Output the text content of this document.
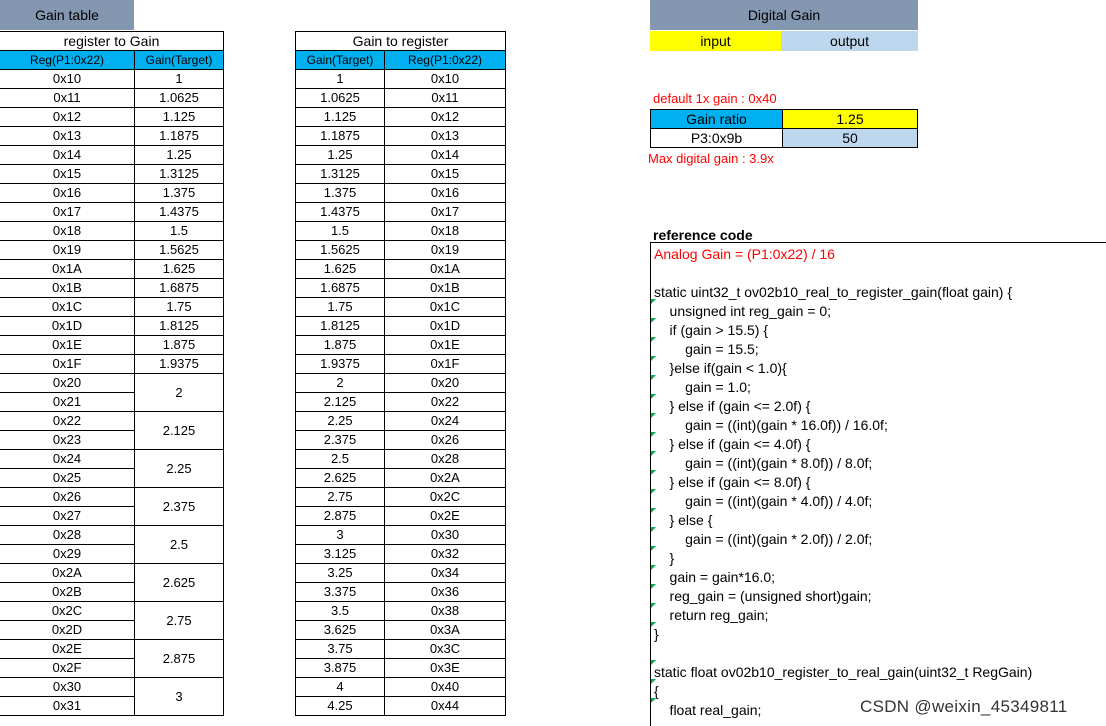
Gain table	Digital Gain
input	output
register to Gain	
Reg(P1:0x22)	Gain(Target)
0x10	1
0x11	1.0625
0x12	1.125
0x13	1.1875
0x14	1.25
0x15	1.3125
0x16	1.375
0x17	1.4375
0x18	1.5
0x19	1.5625
0x1A	1.625
0x1B	1.6875
0x1C	1.75
0x1D	1.8125
0x1E	1.875
0x1F	1.9375
0x20	2
0x21	
0x22	2.125
0x23	
0x24	2.25
0x25	
0x26	2.375
0x27	
0x28	2.5
0x29	
0x2A	2.625
0x2B	
0x2C	2.75
0x2D	
0x2E	2.875
0x2F	
0x30	3
0x31	
Gain to register	
Gain(Target)	Reg(P1:0x22)
1	0x10
1.0625	0x11
1.125	0x12
1.1875	0x13
1.25	0x14
1.3125	0x15
1.375	0x16
1.4375	0x17
1.5	0x18
1.5625	0x19
1.625	0x1A
1.6875	0x1B
1.75	0x1C
1.8125	0x1D
1.875	0x1E
1.9375	0x1F
2	0x20
2.125	0x22
2.25	0x24
2.375	0x26
2.5	0x28
2.625	0x2A
2.75	0x2C
2.875	0x2E
3	0x30
3.125	0x32
3.25	0x34
3.375	0x36
3.5	0x38
3.625	0x3A
3.75	0x3C
3.875	0x3E
4	0x40
4.25	0x44
default 1x gain : 0x40
Gain ratio	1.25
P3:0x9b	50
Max digital gain : 3.9x
reference code
Analog Gain = (P1:0x22) / 16
static uint32_t ov02b10_real_to_register_gain(float gain) {
unsigned int reg_gain = 0;
if (gain > 15.5) {
gain = 15.5;
}else if(gain < 1.0){
gain = 1.0;
} else if (gain <= 2.0f) {
gain = ((int)(gain * 16.0f)) / 16.0f;
} else if (gain <= 4.0f) {
gain = ((int)(gain * 8.0f)) / 8.0f;
} else if (gain <= 8.0f) {
gain = ((int)(gain * 4.0f)) / 4.0f;
} else {
gain = ((int)(gain * 2.0f)) / 2.0f;
}
gain = gain*16.0;
reg_gain = (unsigned short)gain;
return reg_gain;
}
static float ov02b10_register_to_real_gain(uint32_t RegGain)
{
float real_gain;	CSDN @weixin_45349811
